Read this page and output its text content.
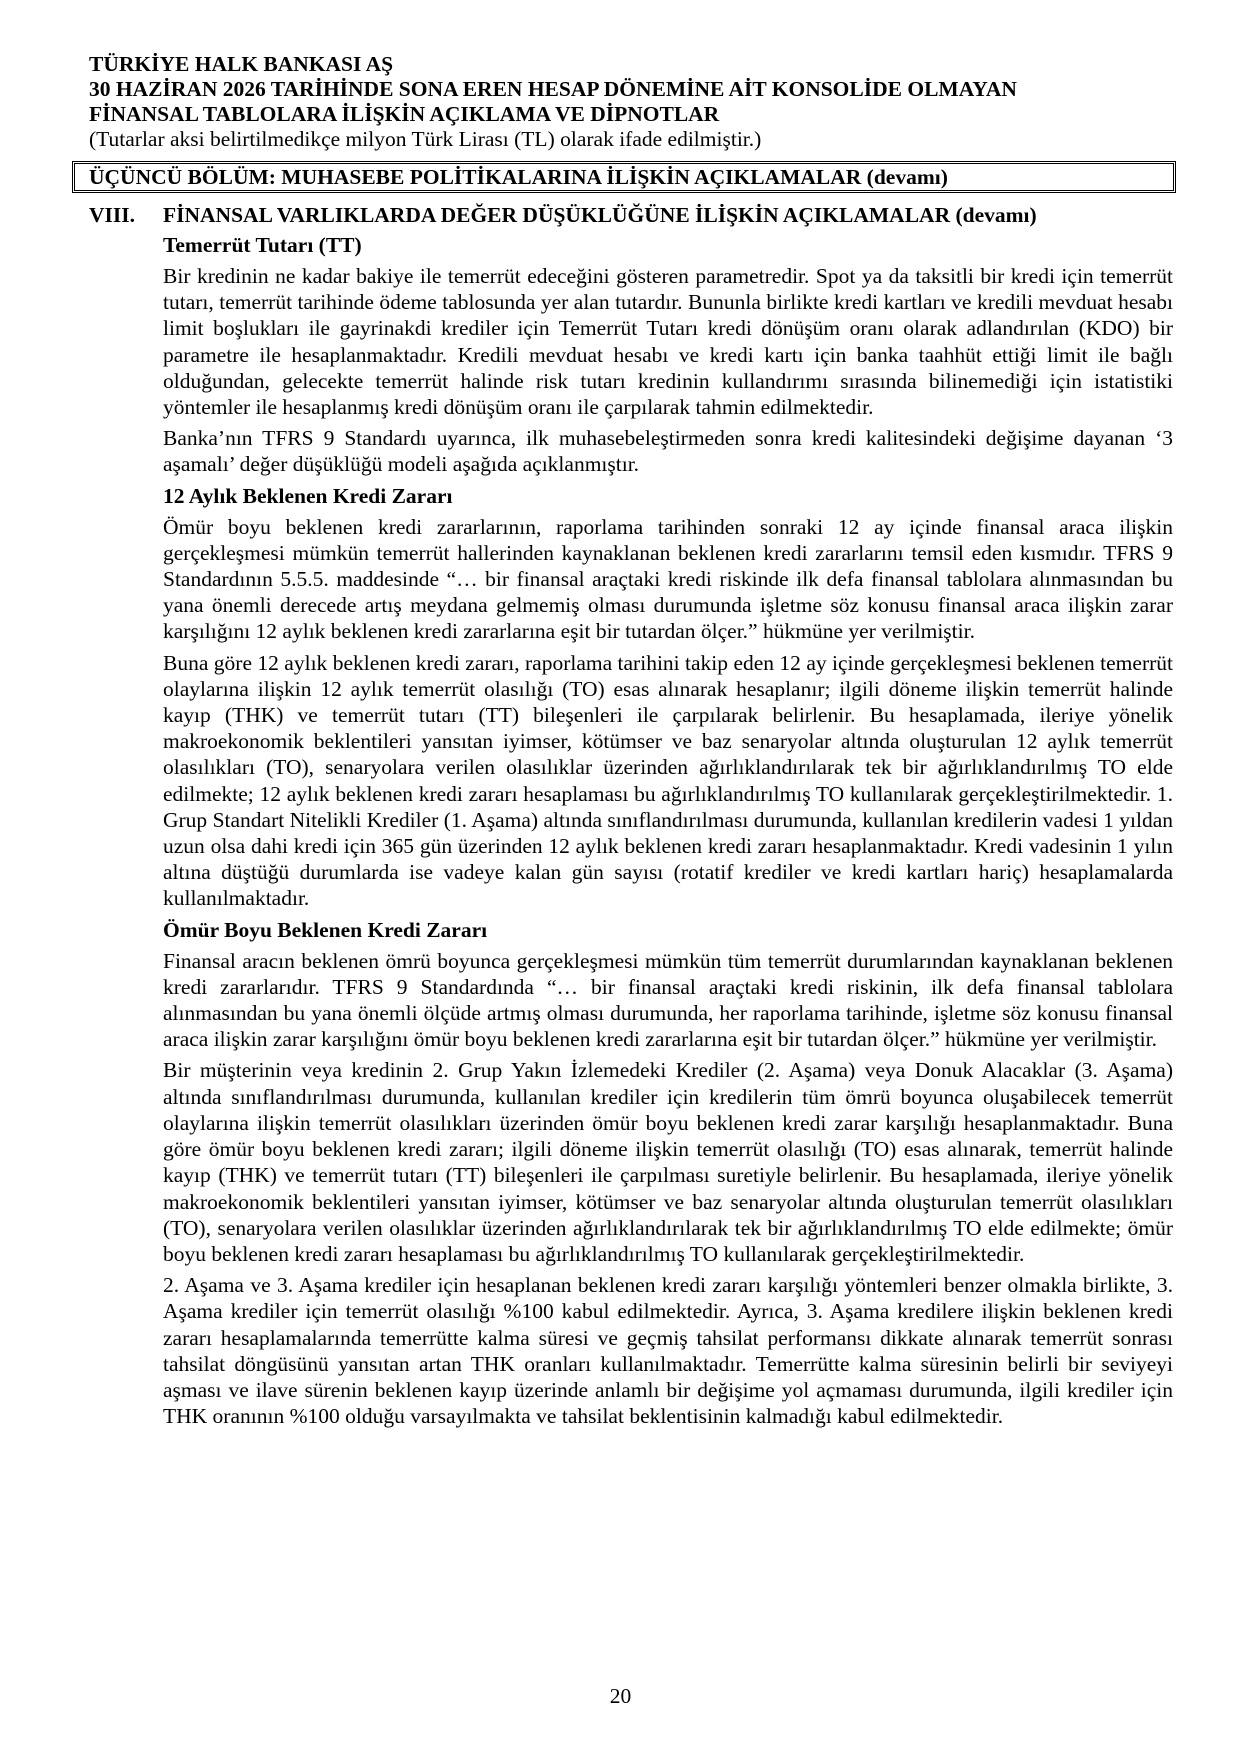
TÜRKİYE HALK BANKASI AŞ
30 HAZİRAN 2026 TARİHİNDE SONA EREN HESAP DÖNEMİNE AİT KONSOLİDE OLMAYAN
FİNANSAL TABLOLARA İLİŞKİN AÇIKLAMA VE DİPNOTLAR
(Tutarlar aksi belirtilmedikçe milyon Türk Lirası (TL) olarak ifade edilmiştir.)
ÜÇÜNCÜ BÖLÜM: MUHASEBE POLİTİKALARINA İLİŞKİN AÇIKLAMALAR (devamı)
VIII. FİNANSAL VARLIKLARDA DEĞER DÜŞÜKLÜĞÜNE İLİŞKİN AÇIKLAMALAR (devamı)
Temerrüt Tutarı (TT)

Bir kredinin ne kadar bakiye ile temerrüt edeceğini gösteren parametredir. Spot ya da taksitli bir kredi için temerrüt tutarı, temerrüt tarihinde ödeme tablosunda yer alan tutardır. Bununla birlikte kredi kartları ve kredili mevduat hesabı limit boşlukları ile gayrinakdi krediler için Temerrüt Tutarı kredi dönüşüm oranı olarak adlandırılan (KDO) bir parametre ile hesaplanmaktadır. Kredili mevduat hesabı ve kredi kartı için banka taahhüt ettiği limit ile bağlı olduğundan, gelecekte temerrüt halinde risk tutarı kredinin kullandırımı sırasında bilinemediği için istatistiki yöntemler ile hesaplanmış kredi dönüşüm oranı ile çarpılarak tahmin edilmektedir.

Banka’nın TFRS 9 Standardı uyarınca, ilk muhasebeleştirmeden sonra kredi kalitesindeki değişime dayanan ‘3 aşamalı’ değer düşüklüğü modeli aşağıda açıklanmıştır.

12 Aylık Beklenen Kredi Zararı

Ömür boyu beklenen kredi zararlarının, raporlama tarihinden sonraki 12 ay içinde finansal araca ilişkin gerçekleşmesi mümkün temerrüt hallerinden kaynaklanan beklenen kredi zararlarını temsil eden kısmıdır. TFRS 9 Standardının 5.5.5. maddesinde “… bir finansal araçtaki kredi riskinde ilk defa finansal tablolara alınmasından bu yana önemli derecede artış meydana gelmemiş olması durumunda işletme söz konusu finansal araca ilişkin zarar karşılığını 12 aylık beklenen kredi zararlarına eşit bir tutardan ölçer.” hükmüne yer verilmiştir.

Buna göre 12 aylık beklenen kredi zararı, raporlama tarihini takip eden 12 ay içinde gerçekleşmesi beklenen temerrüt olaylarına ilişkin 12 aylık temerrüt olasılığı (TO) esas alınarak hesaplanır; ilgili döneme ilişkin temerrüt halinde kayıp (THK) ve temerrüt tutarı (TT) bileşenleri ile çarpılarak belirlenir. Bu hesaplamada, ileriye yönelik makroekonomik beklentileri yansıtan iyimser, kötümser ve baz senaryolar altında oluşturulan 12 aylık temerrüt olasılıkları (TO), senaryolara verilen olasılıklar üzerinden ağırlıklandırılarak tek bir ağırlıklandırılmış TO elde edilmekte; 12 aylık beklenen kredi zararı hesaplaması bu ağırlıklandırılmış TO kullanılarak gerçekleştirilmektedir. 1. Grup Standart Nitelikli Krediler (1. Aşama) altında sınıflandırılması durumunda, kullanılan kredilerin vadesi 1 yıldan uzun olsa dahi kredi için 365 gün üzerinden 12 aylık beklenen kredi zararı hesaplanmaktadır. Kredi vadesinin 1 yılın altına düştüğü durumlarda ise vadeye kalan gün sayısı (rotatif krediler ve kredi kartları hariç) hesaplamalarda kullanılmaktadır.

Ömür Boyu Beklenen Kredi Zararı

Finansal aracın beklenen ömrü boyunca gerçekleşmesi mümkün tüm temerrüt durumlarından kaynaklanan beklenen kredi zararlarıdır. TFRS 9 Standardında “… bir finansal araçtaki kredi riskinin, ilk defa finansal tablolara alınmasından bu yana önemli ölçüde artmış olması durumunda, her raporlama tarihinde, işletme söz konusu finansal araca ilişkin zarar karşılığını ömür boyu beklenen kredi zararlarına eşit bir tutardan ölçer.” hükmüne yer verilmiştir.

Bir müşterinin veya kredinin 2. Grup Yakın İzlemedeki Krediler (2. Aşama) veya Donuk Alacaklar (3. Aşama) altında sınıflandırılması durumunda, kullanılan krediler için kredilerin tüm ömrü boyunca oluşabilecek temerrüt olaylarına ilişkin temerrüt olasılıkları üzerinden ömür boyu beklenen kredi zarar karşılığı hesaplanmaktadır. Buna göre ömür boyu beklenen kredi zararı; ilgili döneme ilişkin temerrüt olasılığı (TO) esas alınarak, temerrüt halinde kayıp (THK) ve temerrüt tutarı (TT) bileşenleri ile çarpılması suretiyle belirlenir. Bu hesaplamada, ileriye yönelik makroekonomik beklentileri yansıtan iyimser, kötümser ve baz senaryolar altında oluşturulan temerrüt olasılıkları (TO), senaryolara verilen olasılıklar üzerinden ağırlıklandırılarak tek bir ağırlıklandırılmış TO elde edilmekte; ömür boyu beklenen kredi zararı hesaplaması bu ağırlıklandırılmış TO kullanılarak gerçekleştirilmektedir.

2. Aşama ve 3. Aşama krediler için hesaplanan beklenen kredi zararı karşılığı yöntemleri benzer olmakla birlikte, 3. Aşama krediler için temerrüt olasılığı %100 kabul edilmektedir. Ayrıca, 3. Aşama kredilere ilişkin beklenen kredi zararı hesaplamalarında temerrütte kalma süresi ve geçmiş tahsilat performansı dikkate alınarak temerrüt sonrası tahsilat döngüsünü yansıtan artan THK oranları kullanılmaktadır. Temerrütte kalma süresinin belirli bir seviyeyi aşması ve ilave sürenin beklenen kayıp üzerinde anlamlı bir değişime yol açmaması durumunda, ilgili krediler için THK oranının %100 olduğu varsayılmakta ve tahsilat beklentisinin kalmadığı kabul edilmektedir.

20
